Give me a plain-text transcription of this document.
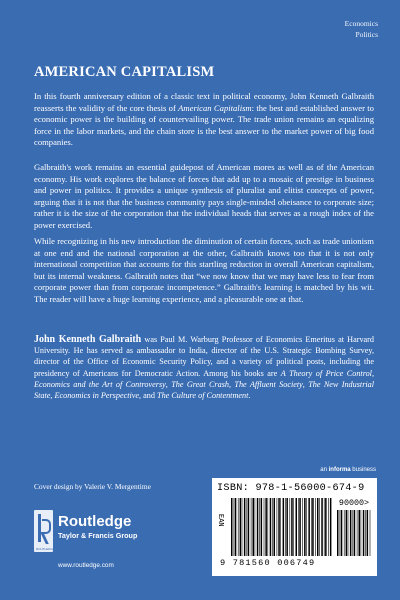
Economics
Politics
AMERICAN CAPITALISM

In this fourth anniversary edition of a classic text in political economy, John Kenneth Galbraith reasserts the validity of the core thesis of American Capitalism: the best and established answer to economic power is the building of countervailing power. The trade union remains an equalizing force in the labor markets, and the chain store is the best answer to the market power of big food companies.

Galbraith's work remains an essential guidepost of American mores as well as of the American economy. His work explores the balance of forces that add up to a mosaic of prestige in business and power in politics. It provides a unique synthesis of pluralist and elitist concepts of power, arguing that it is not that the business community pays single-minded obeisance to corporate size; rather it is the size of the corporation that the individual heads that serves as a rough index of the power exercised.

While recognizing in his new introduction the diminution of certain forces, such as trade unionism at one end and the national corporation at the other, Galbraith knows too that it is not only international competition that accounts for this startling reduction in overall American capitalism, but its internal weakness. Galbraith notes that “we now know that we may have less to fear from corporate power than from corporate incompetence.” Galbraith's learning is matched by his wit. The reader will have a huge learning experience, and a pleasurable one at that.

John Kenneth Galbraith was Paul M. Warburg Professor of Economics Emeritus at Harvard University. He has served as ambassador to India, director of the U.S. Strategic Bombing Survey, director of the Office of Economic Security Policy, and a variety of political posts, including the presidency of Americans for Democratic Action. Among his books are A Theory of Price Control, Economics and the Art of Controversy, The Great Crash, The Affluent Society, The New Industrial State, Economics in Perspective, and The Culture of Contentment.

an informa business
Cover design by Valerie V. Mergentime
ROUTLEDGE
Routledge
Taylor & Francis Group
www.routledge.com
ISBN: 978-1-56000-674-9
EAN
90000>
9 781560 006749
